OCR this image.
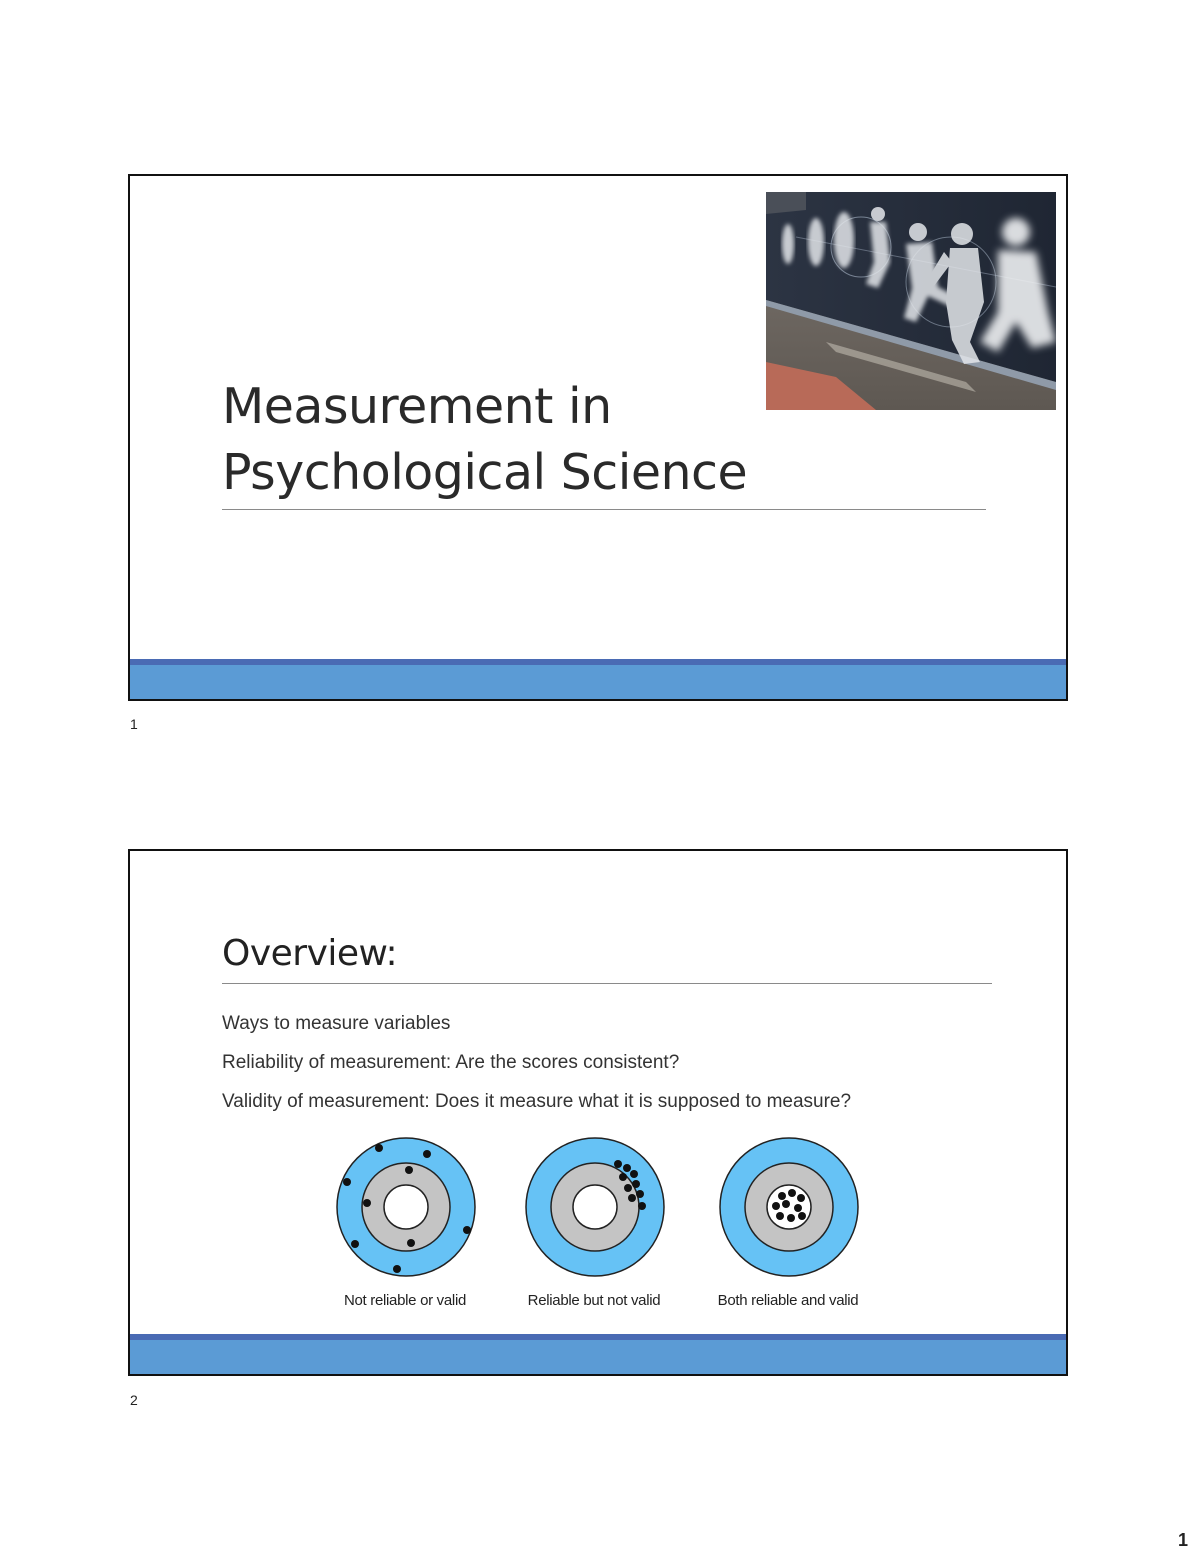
Measurement in
Psychological Science
1
Overview:
Ways to measure variables
Reliability of measurement: Are the scores consistent?
Validity of measurement: Does it measure what it is supposed to measure?
Not reliable or valid	Reliable but not valid	Both reliable and valid
2
1
